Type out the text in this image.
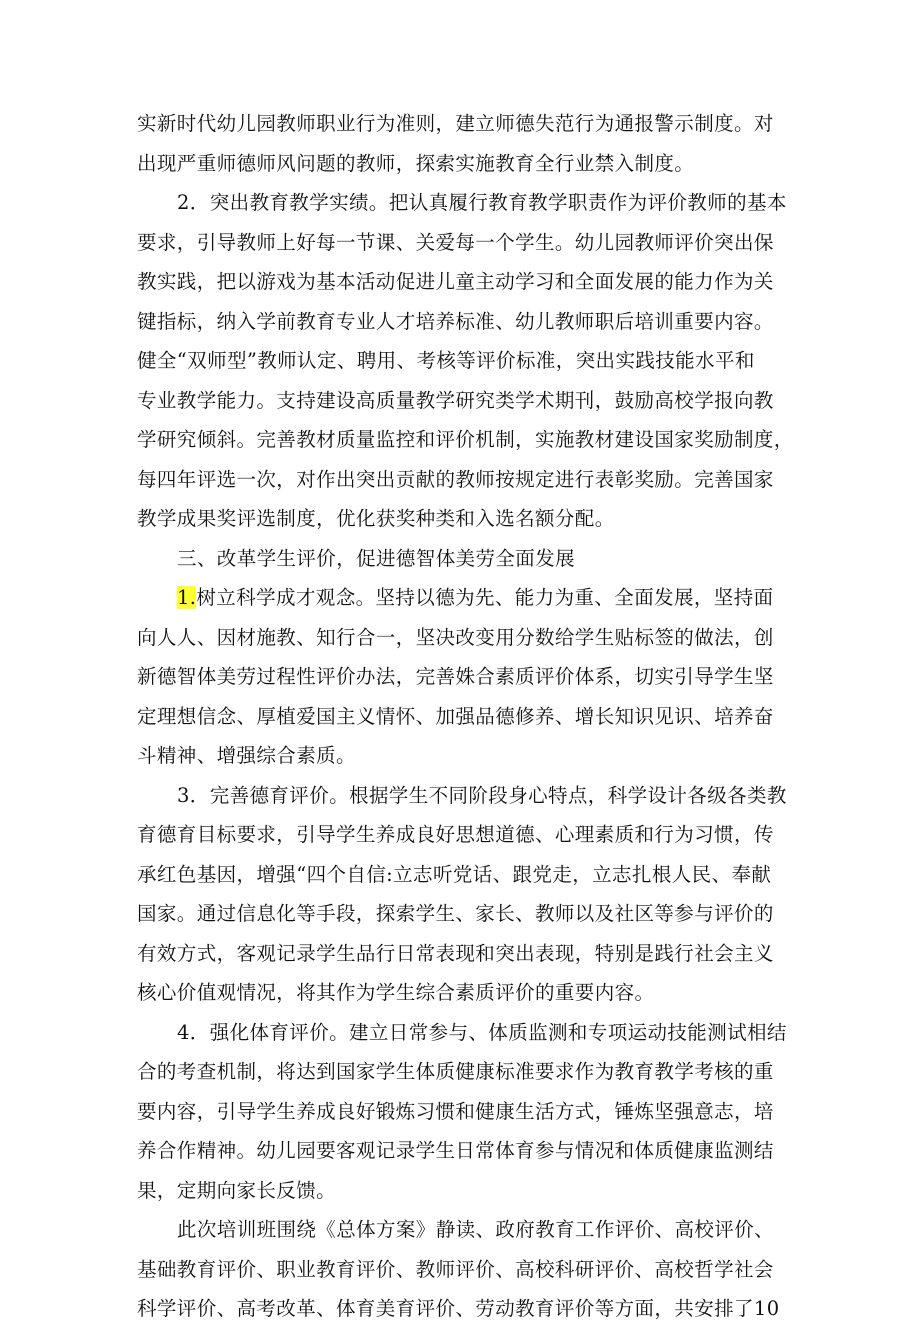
实新时代幼儿园教师职业行为准则，建立师德失范行为通报警示制度。对
出现严重师德师风问题的教师，探索实施教育全行业禁入制度。
2．突出教育教学实绩。把认真履行教育教学职责作为评价教师的基本
要求，引导教师上好每一节课、关爱每一个学生。幼儿园教师评价突出保
教实践，把以游戏为基本活动促进儿童主动学习和全面发展的能力作为关
键指标，纳入学前教育专业人才培养标准、幼儿教师职后培训重要内容。
健全“双师型”教师认定、聘用、考核等评价标准，突出实践技能水平和
专业教学能力。支持建设高质量教学研究类学术期刊，鼓励高校学报向教
学研究倾斜。完善教材质量监控和评价机制，实施教材建设国家奖励制度，
每四年评选一次，对作出突出贡献的教师按规定进行表彰奖励。完善国家
教学成果奖评选制度，优化获奖种类和入选名额分配。
三、改革学生评价，促进德智体美劳全面发展
1.树立科学成才观念。坚持以德为先、能力为重、全面发展，坚持面
向人人、因材施教、知行合一，坚决改变用分数给学生贴标签的做法，创
新德智体美劳过程性评价办法，完善姝合素质评价体系，切实引导学生坚
定理想信念、厚植爱国主义情怀、加强品德修养、增长知识见识、培养奋
斗精神、增强综合素质。
3．完善德育评价。根据学生不同阶段身心特点，科学设计各级各类教
育德育目标要求，引导学生养成良好思想道德、心理素质和行为习惯，传
承红色基因，增强“四个自信:立志听党话、跟党走，立志扎根人民、奉献
国家。通过信息化等手段，探索学生、家长、教师以及社区等参与评价的
有效方式，客观记录学生品行日常表现和突出表现，特别是践行社会主义
核心价值观情况，将其作为学生综合素质评价的重要内容。
4．强化体育评价。建立日常参与、体质监测和专项运动技能测试相结
合的考查机制，将达到国家学生体质健康标准要求作为教育教学考核的重
要内容，引导学生养成良好锻炼习惯和健康生活方式，锤炼坚强意志，培
养合作精神。幼儿园要客观记录学生日常体育参与情况和体质健康监测结
果，定期向家长反馈。
此次培训班围绕《总体方案》静读、政府教育工作评价、高校评价、
基础教育评价、职业教育评价、教师评价、高校科研评价、高校哲学社会
科学评价、高考改革、体育美育评价、劳动教育评价等方面，共安排了10
